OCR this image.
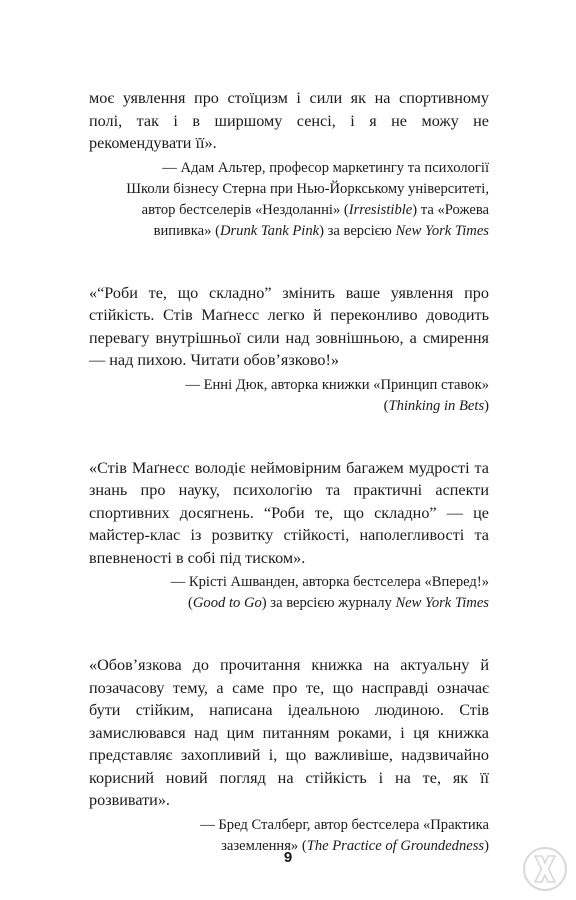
моє уявлення про стоїцизм і сили як на спортивному полі, так і в ширшому сенсі, і я не можу не рекомендувати її».

— Адам Альтер, професор маркетингу та психології
Школи бізнесу Стерна при Нью-Йоркському університеті,
автор бестселерів «Нездоланні» (Irresistible) та «Рожева
випивка» (Drunk Tank Pink) за версією New York Times

«“Роби те, що складно” змінить ваше уявлення про стійкість. Стів Маґнесс легко й переконливо доводить перевагу внутрішньої сили над зовнішньою, а смирення — над пихою. Читати обов’язково!»

— Енні Дюк, авторка книжки «Принцип ставок»
(Thinking in Bets)

«Стів Маґнесс володіє неймовірним багажем мудрості та знань про науку, психологію та практичні аспекти спортивних досягнень. “Роби те, що складно” — це майстер-клас із розвитку стійкості, наполегливості та впевненості в собі під тиском».

— Крісті Ашванден, авторка бестселера «Вперед!»
(Good to Go) за версією журналу New York Times

«Обов’язкова до прочитання книжка на актуальну й позачасову тему, а саме про те, що насправді означає бути стійким, написана ідеальною людиною. Стів замислювався над цим питанням роками, і ця книжка представляє захопливий і, що важливіше, надзвичайно корисний новий погляд на стійкість і на те, як її розвивати».

— Бред Сталберг, автор бестселера «Практика
заземлення» (The Practice of Groundedness)
9
